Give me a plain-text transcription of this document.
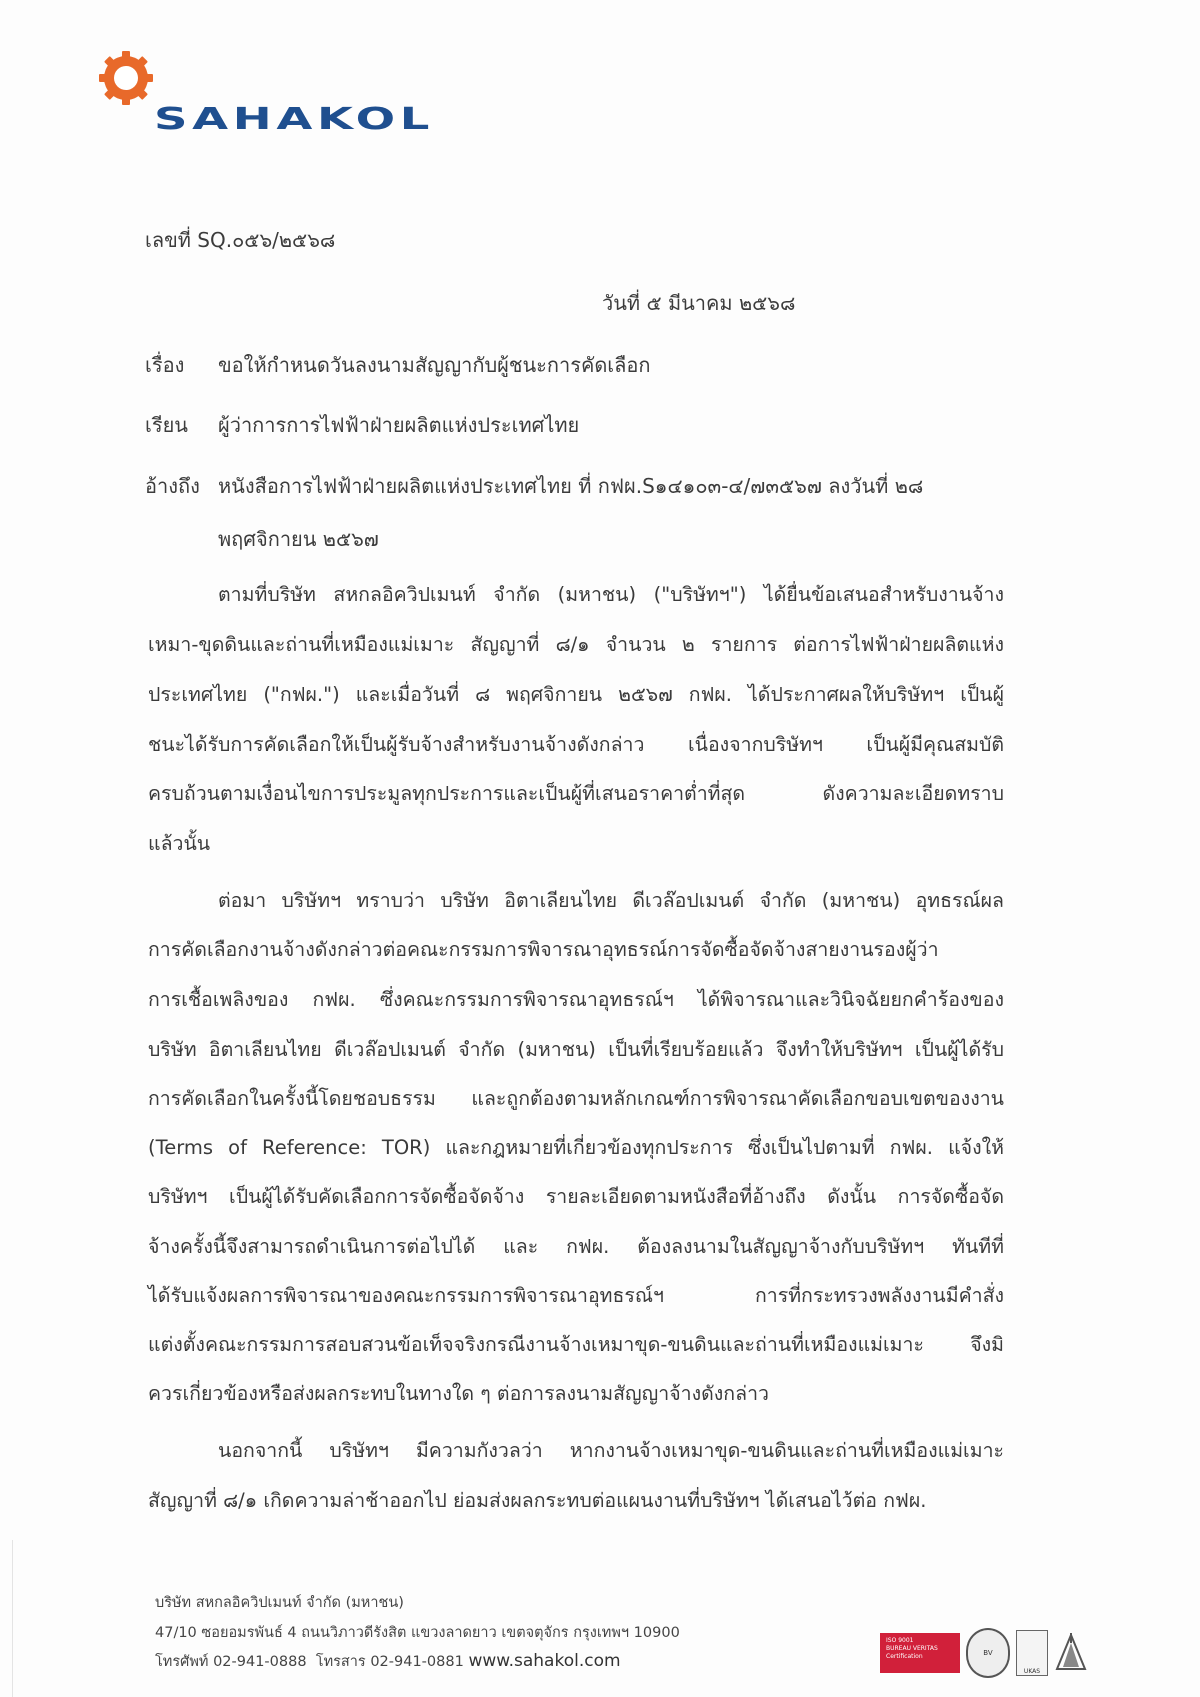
SAHAKOL
เลขที่ SQ.๐๕๖/๒๕๖๘
วันที่ ๕ มีนาคม ๒๕๖๘
เรื่อง ขอให้กำหนดวันลงนามสัญญากับผู้ชนะการคัดเลือก
เรียน ผู้ว่าการการไฟฟ้าฝ่ายผลิตแห่งประเทศไทย
อ้างถึง หนังสือการไฟฟ้าฝ่ายผลิตแห่งประเทศไทย ที่ กฟผ.S๑๔๑๐๓-๔/๗๓๕๖๗ ลงวันที่ ๒๘
พฤศจิกายน ๒๕๖๗
ตามที่บริษัท สหกลอิควิปเมนท์ จำกัด (มหาชน) ("บริษัทฯ") ได้ยื่นข้อเสนอสำหรับงานจ้าง
เหมา-ขุดดินและถ่านที่เหมืองแม่เมาะ สัญญาที่ ๘/๑ จำนวน ๒ รายการ ต่อการไฟฟ้าฝ่ายผลิตแห่ง
ประเทศไทย ("กฟผ.") และเมื่อวันที่ ๘ พฤศจิกายน ๒๕๖๗ กฟผ. ได้ประกาศผลให้บริษัทฯ เป็นผู้
ชนะได้รับการคัดเลือกให้เป็นผู้รับจ้างสำหรับงานจ้างดังกล่าว เนื่องจากบริษัทฯ เป็นผู้มีคุณสมบัติ
ครบถ้วนตามเงื่อนไขการประมูลทุกประการและเป็นผู้ที่เสนอราคาต่ำที่สุด ดังความละเอียดทราบ
แล้วนั้น
ต่อมา บริษัทฯ ทราบว่า บริษัท อิตาเลียนไทย ดีเวล๊อปเมนต์ จำกัด (มหาชน) อุทธรณ์ผล
การคัดเลือกงานจ้างดังกล่าวต่อคณะกรรมการพิจารณาอุทธรณ์การจัดซื้อจัดจ้างสายงานรองผู้ว่า
การเชื้อเพลิงของ กฟผ. ซึ่งคณะกรรมการพิจารณาอุทธรณ์ฯ ได้พิจารณาและวินิจฉัยยกคำร้องของ
บริษัท อิตาเลียนไทย ดีเวล๊อปเมนต์ จำกัด (มหาชน) เป็นที่เรียบร้อยแล้ว จึงทำให้บริษัทฯ เป็นผู้ได้รับ
การคัดเลือกในครั้งนี้โดยชอบธรรม และถูกต้องตามหลักเกณฑ์การพิจารณาคัดเลือกขอบเขตของงาน
(Terms of Reference: TOR) และกฎหมายที่เกี่ยวข้องทุกประการ ซึ่งเป็นไปตามที่ กฟผ. แจ้งให้
บริษัทฯ เป็นผู้ได้รับคัดเลือกการจัดซื้อจัดจ้าง รายละเอียดตามหนังสือที่อ้างถึง ดังนั้น การจัดซื้อจัด
จ้างครั้งนี้จึงสามารถดำเนินการต่อไปได้ และ กฟผ. ต้องลงนามในสัญญาจ้างกับบริษัทฯ ทันทีที่
ได้รับแจ้งผลการพิจารณาของคณะกรรมการพิจารณาอุทธรณ์ฯ การที่กระทรวงพลังงานมีคำสั่ง
แต่งตั้งคณะกรรมการสอบสวนข้อเท็จจริงกรณีงานจ้างเหมาขุด-ขนดินและถ่านที่เหมืองแม่เมาะ จึงมิ
ควรเกี่ยวข้องหรือส่งผลกระทบในทางใด ๆ ต่อการลงนามสัญญาจ้างดังกล่าว
นอกจากนี้ บริษัทฯ มีความกังวลว่า หากงานจ้างเหมาขุด-ขนดินและถ่านที่เหมืองแม่เมาะ
สัญญาที่ ๘/๑ เกิดความล่าช้าออกไป ย่อมส่งผลกระทบต่อแผนงานที่บริษัทฯ ได้เสนอไว้ต่อ กฟผ.
บริษัท สหกลอิควิปเมนท์ จำกัด (มหาชน)
47/10 ซอยอมรพันธ์ 4 ถนนวิภาวดีรังสิต แขวงลาดยาว เขตจตุจักร กรุงเทพฯ 10900
โทรศัพท์ 02-941-0888 โทรสาร 02-941-0881 www.sahakol.com
ISO 9001
BUREAU VERITAS
Certification	BV
UKAS
